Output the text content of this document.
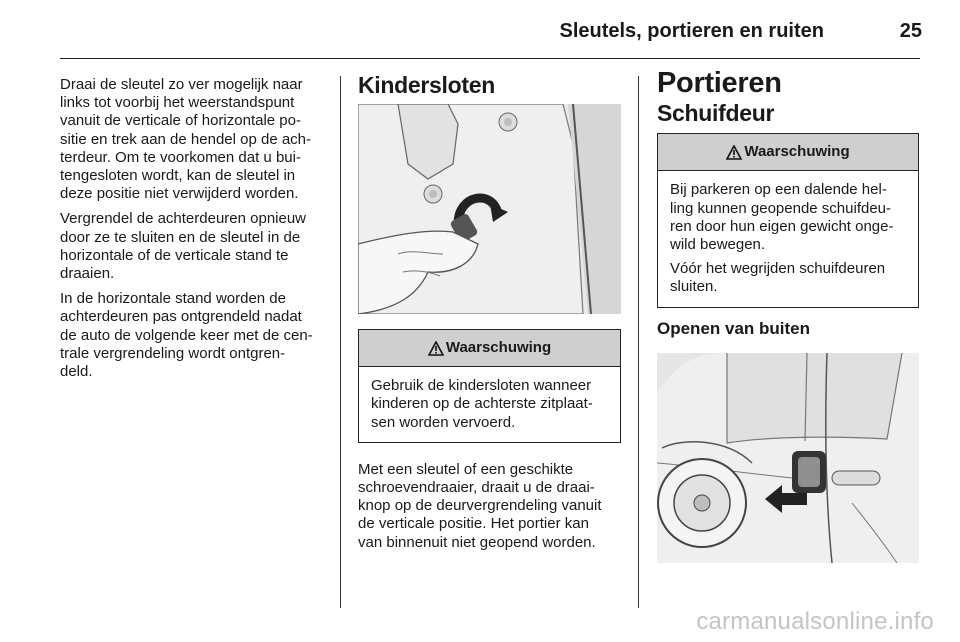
Sleutels, portieren en ruiten	25

Draai de sleutel zo ver mogelijk naar
links tot voorbij het weerstandspunt
vanuit de verticale of horizontale po-
sitie en trek aan de hendel op de ach-
terdeur. Om te voorkomen dat u bui-
tengesloten wordt, kan de sleutel in
deze positie niet verwijderd worden.

Vergrendel de achterdeuren opnieuw
door ze te sluiten en de sleutel in de
horizontale of de verticale stand te
draaien.

In de horizontale stand worden de
achterdeuren pas ontgrendeld nadat
de auto de volgende keer met de cen-
trale vergrendeling wordt ontgren-
deld.

Kindersloten
Waarschuwing

Gebruik de kindersloten wanneer
kinderen op de achterste zitplaat-
sen worden vervoerd.

Met een sleutel of een geschikte
schroevendraaier, draait u de draai-
knop op de deurvergrendeling vanuit
de verticale positie. Het portier kan
van binnenuit niet geopend worden.

Portieren
Schuifdeur
Waarschuwing

Bij parkeren op een dalende hel-
ling kunnen geopende schuifdeu-
ren door hun eigen gewicht onge-
wild bewegen.

Vóór het wegrijden schuifdeuren
sluiten.

Openen van buiten
carmanualsonline.info
